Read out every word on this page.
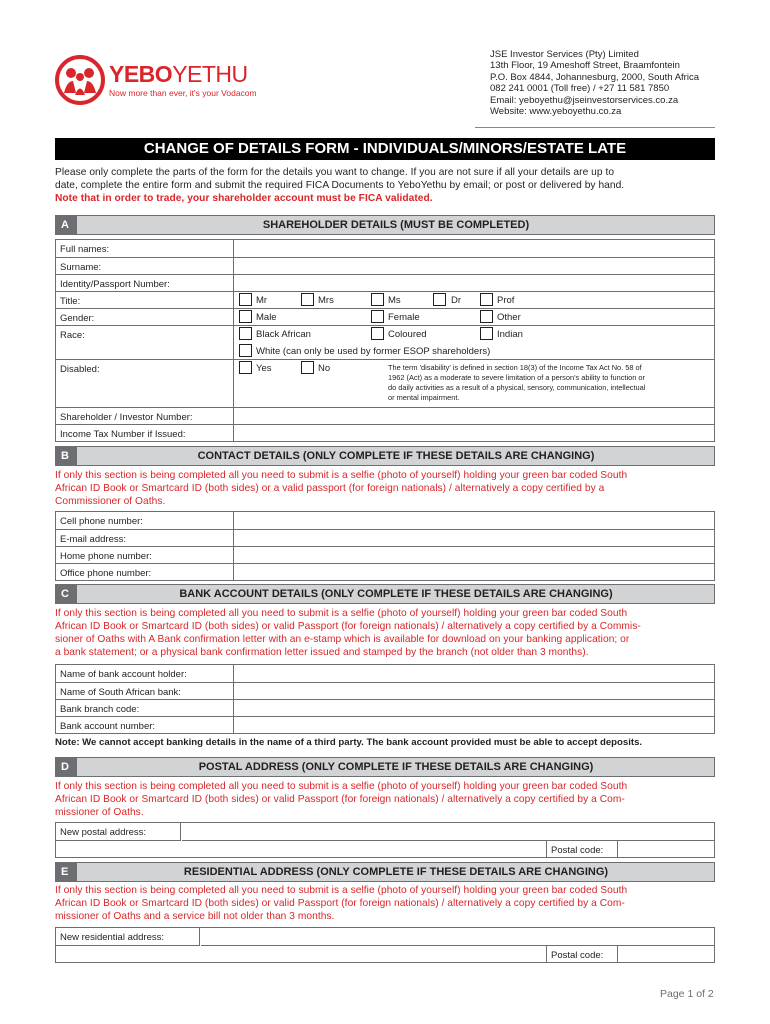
YEBOYETHU
Now more than ever, it's your Vodacom
JSE Investor Services (Pty) Limited
13th Floor, 19 Ameshoff Street, Braamfontein
P.O. Box 4844, Johannesburg, 2000, South Africa
082 241 0001 (Toll free) / +27 11 581 7850
Email: yeboyethu@jseinvestorservices.co.za
Website: www.yeboyethu.co.za
CHANGE OF DETAILS FORM - INDIVIDUALS/MINORS/ESTATE LATE
Please only complete the parts of the form for the details you want to change. If you are not sure if all your details are up to
date, complete the entire form and submit the required FICA Documents to YeboYethu by email; or post or delivered by hand.
Note that in order to trade, your shareholder account must be FICA validated.
A	SHAREHOLDER DETAILS (MUST BE COMPLETED)
Full names:
Surname:
Identity/Passport Number:
Title:	Mr	Mrs	Ms	Dr	Prof
Gender:	Male	Female	Other
Race:	Black African	Coloured	Indian
White (can only be used by former ESOP shareholders)
Disabled:	Yes	No	The term 'disability' is defined in section 18(3) of the Income Tax Act No. 58 of
1962 (Act) as a moderate to severe limitation of a person's ability to function or
do daily activities as a result of a physical, sensory, communication, intellectual
or mental impairment.
Shareholder / Investor Number:
Income Tax Number if Issued:
B	CONTACT DETAILS (ONLY COMPLETE IF THESE DETAILS ARE CHANGING)
If only this section is being completed all you need to submit is a selfie (photo of yourself) holding your green bar coded South
African ID Book or Smartcard ID (both sides) or a valid passport (for foreign nationals) / alternatively a copy certified by a
Commissioner of Oaths.
Cell phone number:
E-mail address:
Home phone number:
Office phone number:
C	BANK ACCOUNT DETAILS (ONLY COMPLETE IF THESE DETAILS ARE CHANGING)
If only this section is being completed all you need to submit is a selfie (photo of yourself) holding your green bar coded South
African ID Book or Smartcard ID (both sides) or valid Passport (for foreign nationals) / alternatively a copy certified by a Commis-
sioner of Oaths with A Bank confirmation letter with an e-stamp which is available for download on your banking application; or
a bank statement; or a physical bank confirmation letter issued and stamped by the branch (not older than 3 months).
Name of bank account holder:
Name of South African bank:
Bank branch code:
Bank account number:
Note: We cannot accept banking details in the name of a third party. The bank account provided must be able to accept deposits.
D	POSTAL ADDRESS (ONLY COMPLETE IF THESE DETAILS ARE CHANGING)
If only this section is being completed all you need to submit is a selfie (photo of yourself) holding your green bar coded South
African ID Book or Smartcard ID (both sides) or valid Passport (for foreign nationals) / alternatively a copy certified by a Com-
missioner of Oaths.
New postal address:
Postal code:
E	RESIDENTIAL ADDRESS (ONLY COMPLETE IF THESE DETAILS ARE CHANGING)
If only this section is being completed all you need to submit is a selfie (photo of yourself) holding your green bar coded South
African ID Book or Smartcard ID (both sides) or valid Passport (for foreign nationals) / alternatively a copy certified by a Com-
missioner of Oaths and a service bill not older than 3 months.
New residential address:
Postal code:
Page 1 of 2
